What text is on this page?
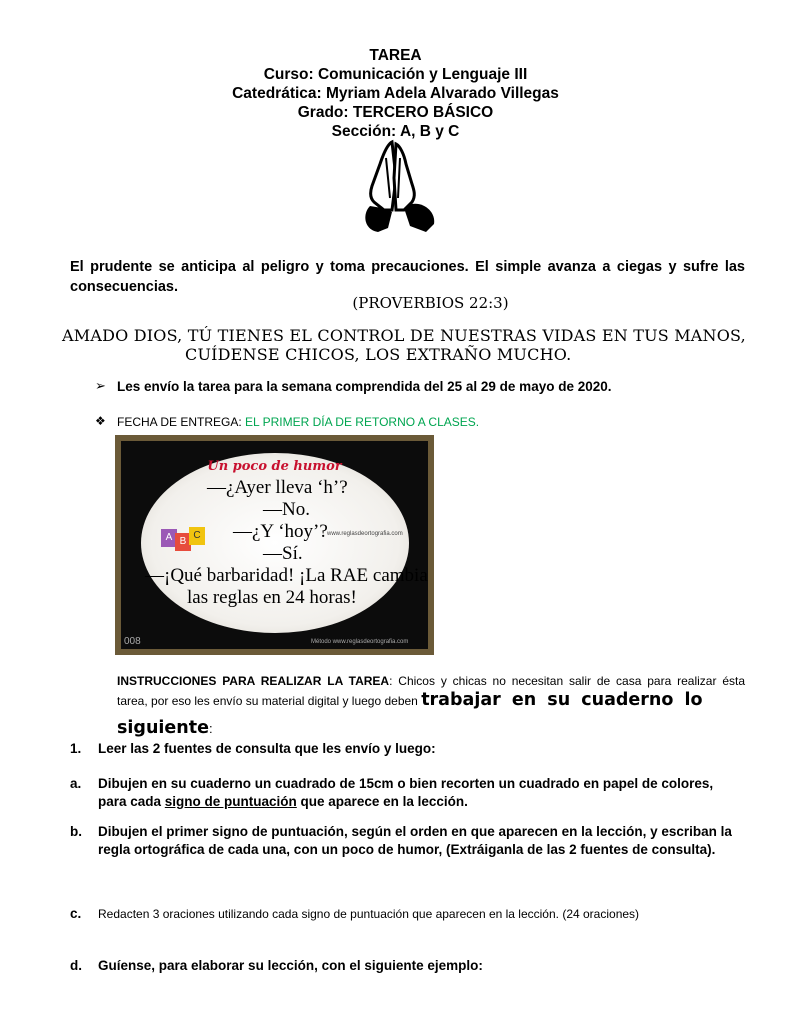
TAREA
Curso: Comunicación y Lenguaje III
Catedrática: Myriam Adela Alvarado Villegas
Grado: TERCERO BÁSICO
Sección: A, B y C
El prudente se anticipa al peligro y toma precauciones. El simple avanza a ciegas y sufre las consecuencias.
(PROVERBIOS 22:3)
AMADO DIOS, TÚ TIENES EL CONTROL DE NUESTRAS VIDAS EN TUS MANOS,
CUÍDENSE CHICOS, LOS EXTRAÑO MUCHO.
➢ Les envío la tarea para la semana comprendida del 25 al 29 de mayo de 2020.
❖ FECHA DE ENTREGA: EL PRIMER DÍA DE RETORNO A CLASES.
Un poco de humor
—¿Ayer lleva ‘h’?
—No.
—¿Y ‘hoy’?
—Sí.
—¡Qué barbaridad! ¡La RAE cambia
las reglas en 24 horas!
www.reglasdeortografia.com
008	Método www.reglasdeortografia.com
A B
C
INSTRUCCIONES PARA REALIZAR LA TAREA: Chicos y chicas no necesitan salir de casa para realizar ésta
tarea, por eso les envío su material digital y luego deben trabajar en su cuaderno lo
siguiente:
1.	Leer las 2 fuentes de consulta que les envío y luego:
a.	Dibujen en su cuaderno un cuadrado de 15cm o bien recorten un cuadrado en papel de colores,
para cada signo de puntuación que aparece en la lección.
b.	Dibujen el primer signo de puntuación, según el orden en que aparecen en la lección, y escriban la regla ortográfica de cada una, con un poco de humor, (Extráiganla de las 2 fuentes de consulta).
c.	Redacten 3 oraciones utilizando cada signo de puntuación que aparecen en la lección. (24 oraciones)
d.	Guíense, para elaborar su lección, con el siguiente ejemplo:
